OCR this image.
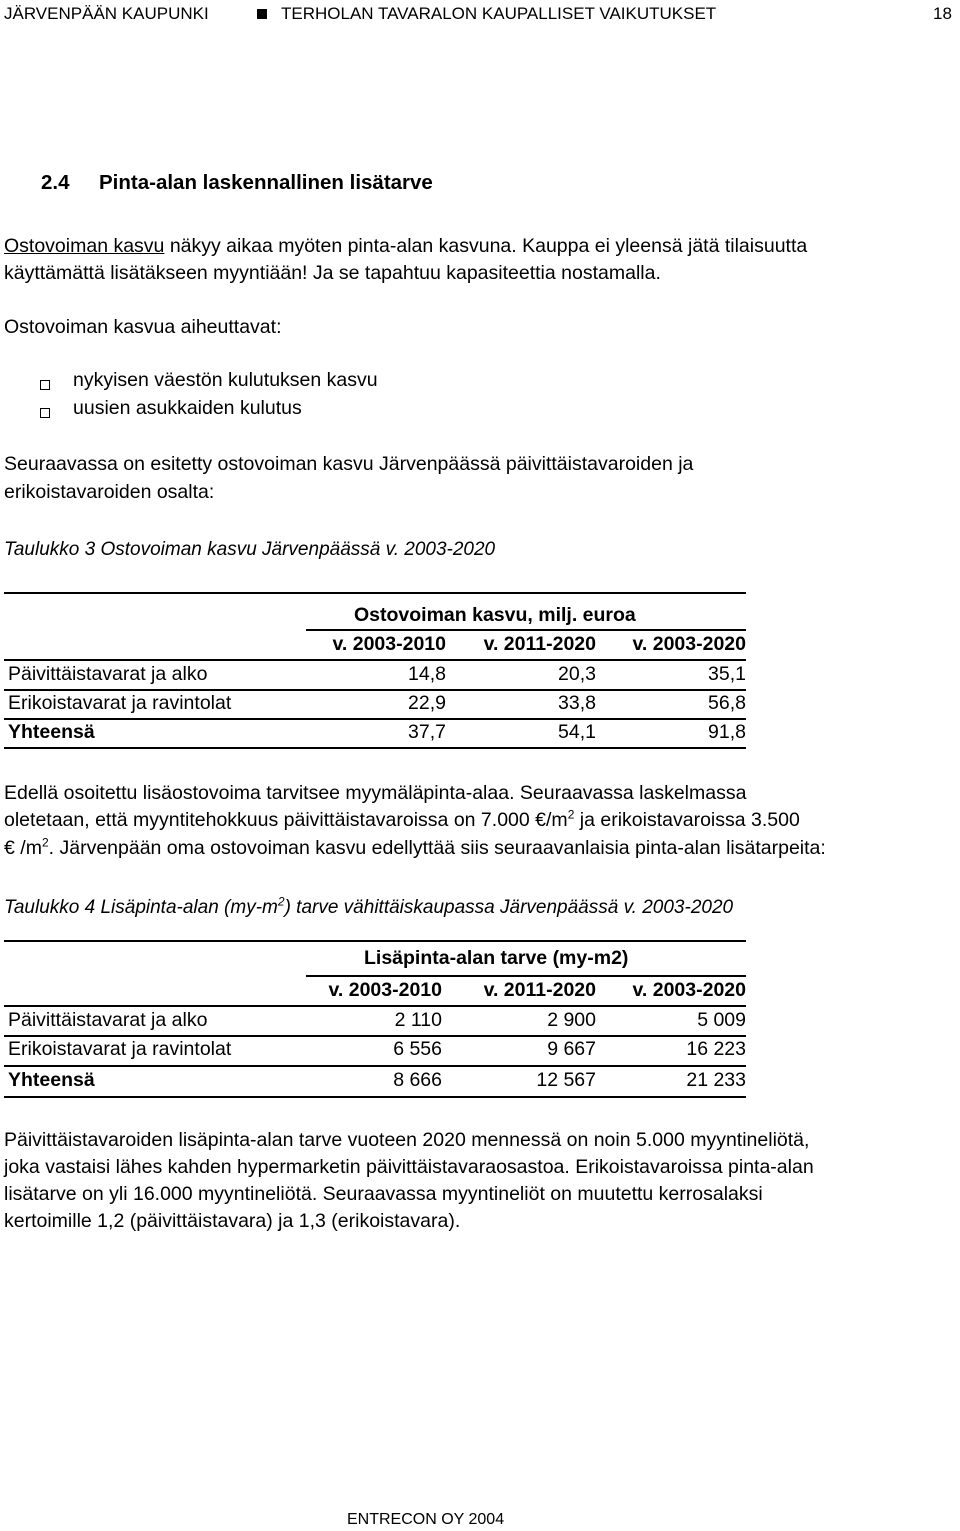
JÄRVENPÄÄN KAUPUNKI	TERHOLAN TAVARALON KAUPALLISET VAIKUTUKSET	18
2.4 Pinta-alan laskennallinen lisätarve
Ostovoiman kasvu näkyy aikaa myöten pinta-alan kasvuna. Kauppa ei yleensä jätä tilaisuutta
käyttämättä lisätäkseen myyntiään! Ja se tapahtuu kapasiteettia nostamalla.
Ostovoiman kasvua aiheuttavat:
nykyisen väestön kulutuksen kasvu
uusien asukkaiden kulutus
Seuraavassa on esitetty ostovoiman kasvu Järvenpäässä päivittäistavaroiden ja
erikoistavaroiden osalta:
Taulukko 3 Ostovoiman kasvu Järvenpäässä v. 2003-2020
Ostovoiman kasvu, milj. euroa
v. 2003-2010	v. 2011-2020	v. 2003-2020
Päivittäistavarat ja alko	14,8	20,3	35,1
Erikoistavarat ja ravintolat	22,9	33,8	56,8
Yhteensä	37,7	54,1	91,8
Edellä osoitettu lisäostovoima tarvitsee myymäläpinta-alaa. Seuraavassa laskelmassa
oletetaan, että myyntitehokkuus päivittäistavaroissa on 7.000 $€/m^2$ ja erikoistavaroissa 3.500
€ $/m^2$. Järvenpään oma ostovoiman kasvu edellyttää siis seuraavanlaisia pinta-alan lisätarpeita:
Taulukko 4 Lisäpinta-alan $(my-m^2)$ tarve vähittäiskaupassa Järvenpäässä v. 2003-2020
Lisäpinta-alan tarve (my-m2)
v. 2003-2010	v. 2011-2020	v. 2003-2020
Päivittäistavarat ja alko	2 110	2 900	5 009
Erikoistavarat ja ravintolat	6 556	9 667	16 223
Yhteensä	8 666	12 567	21 233
Päivittäistavaroiden lisäpinta-alan tarve vuoteen 2020 mennessä on noin 5.000 myyntineliötä,
joka vastaisi lähes kahden hypermarketin päivittäistavaraosastoa. Erikoistavaroissa pinta-alan
lisätarve on yli 16.000 myyntineliötä. Seuraavassa myyntineliöt on muutettu kerrosalaksi
kertoimille 1,2 (päivittäistavara) ja 1,3 (erikoistavara).
ENTRECON OY 2004
